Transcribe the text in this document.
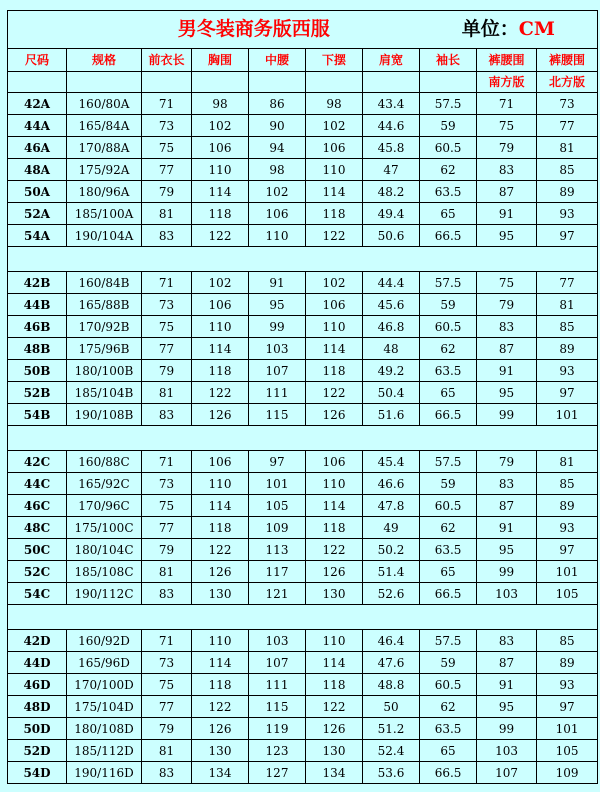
男冬装商务版西服							单位：CM		
尺码	规格	前衣长	胸围	中腰	下摆	肩宽	袖长	裤腰围	裤腰围
								南方版	北方版
42A	160/80A	71	98	86	98	43.4	57.5	71	73
44A	165/84A	73	102	90	102	44.6	59	75	77
46A	170/88A	75	106	94	106	45.8	60.5	79	81
48A	175/92A	77	110	98	110	47	62	83	85
50A	180/96A	79	114	102	114	48.2	63.5	87	89
52A	185/100A	81	118	106	118	49.4	65	91	93
54A	190/104A	83	122	110	122	50.6	66.5	95	97

42B	160/84B	71	102	91	102	44.4	57.5	75	77
44B	165/88B	73	106	95	106	45.6	59	79	81
46B	170/92B	75	110	99	110	46.8	60.5	83	85
48B	175/96B	77	114	103	114	48	62	87	89
50B	180/100B	79	118	107	118	49.2	63.5	91	93
52B	185/104B	81	122	111	122	50.4	65	95	97
54B	190/108B	83	126	115	126	51.6	66.5	99	101

42C	160/88C	71	106	97	106	45.4	57.5	79	81
44C	165/92C	73	110	101	110	46.6	59	83	85
46C	170/96C	75	114	105	114	47.8	60.5	87	89
48C	175/100C	77	118	109	118	49	62	91	93
50C	180/104C	79	122	113	122	50.2	63.5	95	97
52C	185/108C	81	126	117	126	51.4	65	99	101
54C	190/112C	83	130	121	130	52.6	66.5	103	105

42D	160/92D	71	110	103	110	46.4	57.5	83	85
44D	165/96D	73	114	107	114	47.6	59	87	89
46D	170/100D	75	118	111	118	48.8	60.5	91	93
48D	175/104D	77	122	115	122	50	62	95	97
50D	180/108D	79	126	119	126	51.2	63.5	99	101
52D	185/112D	81	130	123	130	52.4	65	103	105
54D	190/116D	83	134	127	134	53.6	66.5	107	109
